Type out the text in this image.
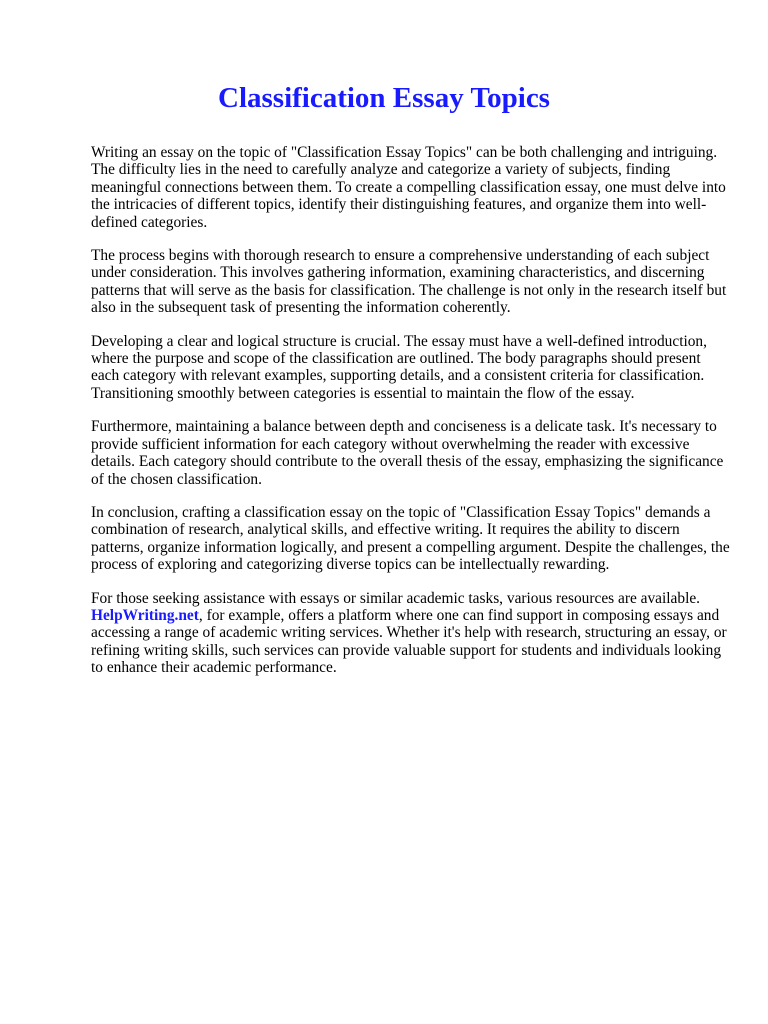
Classification Essay Topics

Writing an essay on the topic of "Classification Essay Topics" can be both challenging and intriguing. The difficulty lies in the need to carefully analyze and categorize a variety of subjects, finding meaningful connections between them. To create a compelling classification essay, one must delve into the intricacies of different topics, identify their distinguishing features, and organize them into well-defined categories.

The process begins with thorough research to ensure a comprehensive understanding of each subject under consideration. This involves gathering information, examining characteristics, and discerning patterns that will serve as the basis for classification. The challenge is not only in the research itself but also in the subsequent task of presenting the information coherently.

Developing a clear and logical structure is crucial. The essay must have a well-defined introduction, where the purpose and scope of the classification are outlined. The body paragraphs should present each category with relevant examples, supporting details, and a consistent criteria for classification. Transitioning smoothly between categories is essential to maintain the flow of the essay.

Furthermore, maintaining a balance between depth and conciseness is a delicate task. It's necessary to provide sufficient information for each category without overwhelming the reader with excessive details. Each category should contribute to the overall thesis of the essay, emphasizing the significance of the chosen classification.

In conclusion, crafting a classification essay on the topic of "Classification Essay Topics" demands a combination of research, analytical skills, and effective writing. It requires the ability to discern patterns, organize information logically, and present a compelling argument. Despite the challenges, the process of exploring and categorizing diverse topics can be intellectually rewarding.

For those seeking assistance with essays or similar academic tasks, various resources are available. HelpWriting.net, for example, offers a platform where one can find support in composing essays and accessing a range of academic writing services. Whether it's help with research, structuring an essay, or refining writing skills, such services can provide valuable support for students and individuals looking to enhance their academic performance.
